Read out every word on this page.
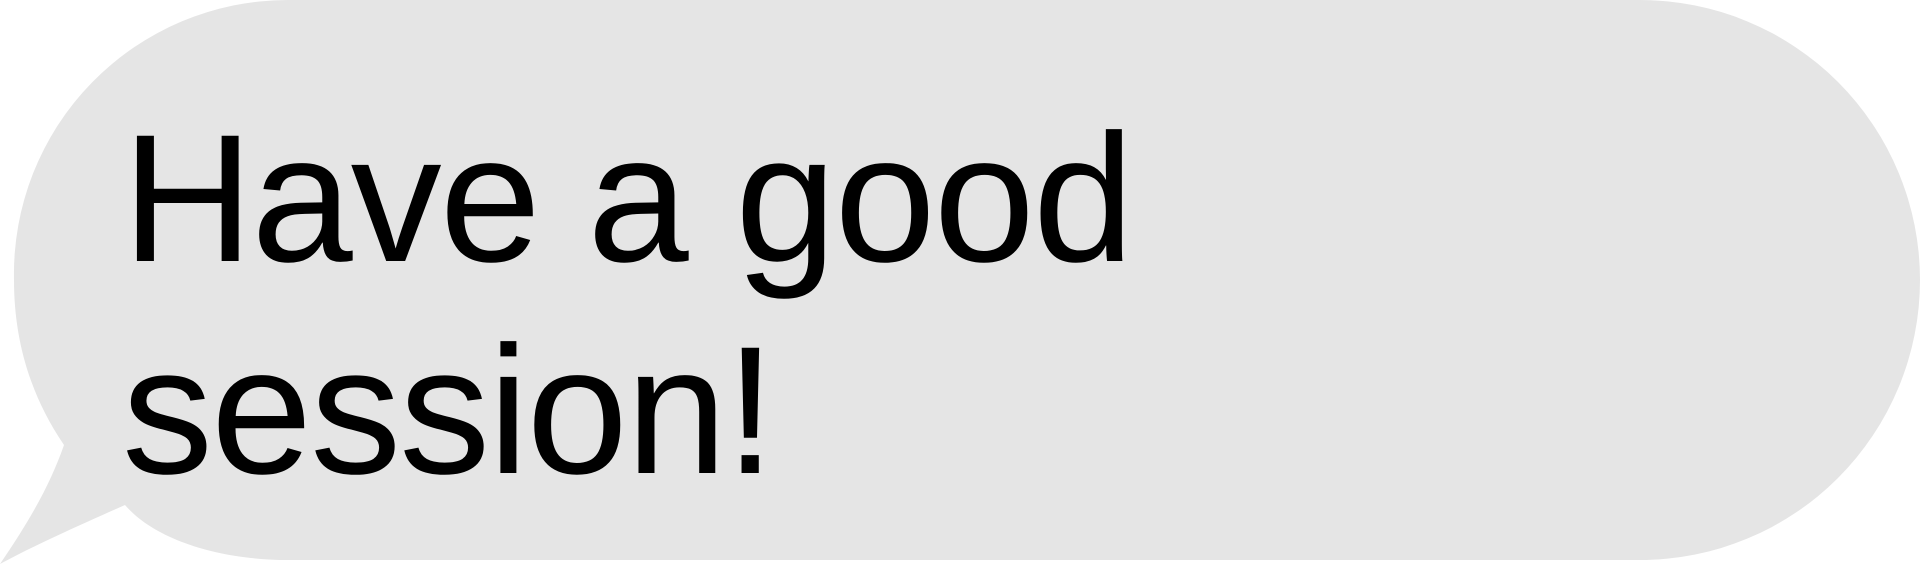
Have a good session!
